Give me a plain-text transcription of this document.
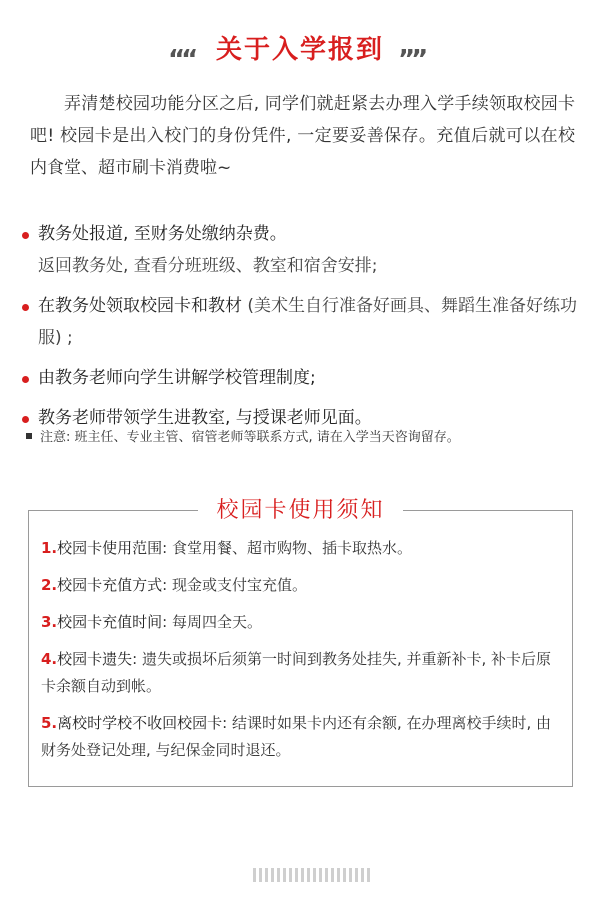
““ 关于入学报到 ””

弄清楚校园功能分区之后, 同学们就赶紧去办理入学手续领取校园卡吧! 校园卡是出入校门的身份凭件, 一定要妥善保存。充值后就可以在校内食堂、超市刷卡消费啦~

教务处报道, 至财务处缴纳杂费。
返回教务处, 查看分班班级、教室和宿舍安排;
在教务处领取校园卡和教材 (美术生自行准备好画具、舞蹈生准备好练功服) ;
由教务老师向学生讲解学校管理制度;
教务老师带领学生进教室, 与授课老师见面。
注意: 班主任、专业主管、宿管老师等联系方式, 请在入学当天咨询留存。
校园卡使用须知
1.校园卡使用范围: 食堂用餐、超市购物、插卡取热水。
2.校园卡充值方式: 现金或支付宝充值。
3.校园卡充值时间: 每周四全天。
4.校园卡遗失: 遗失或损坏后须第一时间到教务处挂失, 并重新补卡, 补卡后原卡余额自动到帐。
5.离校时学校不收回校园卡: 结课时如果卡内还有余额, 在办理离校手续时, 由财务处登记处理, 与纪保金同时退还。
